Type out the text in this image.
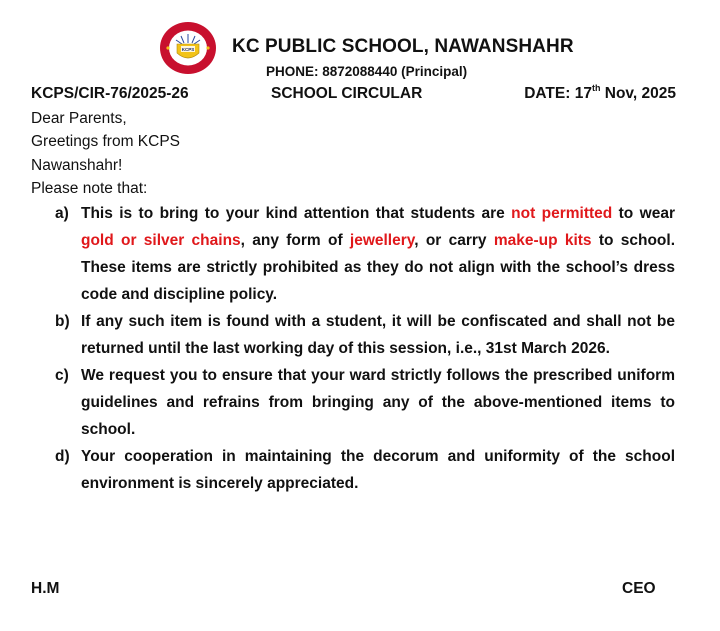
KCPS KC PUBLIC SCHOOL, NAWANSHAHR
PHONE: 8872088440 (Principal)
KCPS/CIR-76/2025-26	SCHOOL CIRCULAR	DATE: 17th Nov, 2025
Dear Parents,
Greetings from KCPS
Nawanshahr!
Please note that:
a) This is to bring to your kind attention that students are not permitted to wear gold or silver chains, any form of jewellery, or carry make-up kits to school. These items are strictly prohibited as they do not align with the school’s dress code and discipline policy.
b) If any such item is found with a student, it will be confiscated and shall not be returned until the last working day of this session, i.e., 31st March 2026.
c) We request you to ensure that your ward strictly follows the prescribed uniform guidelines and refrains from bringing any of the above-mentioned items to school.
d) Your cooperation in maintaining the decorum and uniformity of the school environment is sincerely appreciated.
H.M	CEO
